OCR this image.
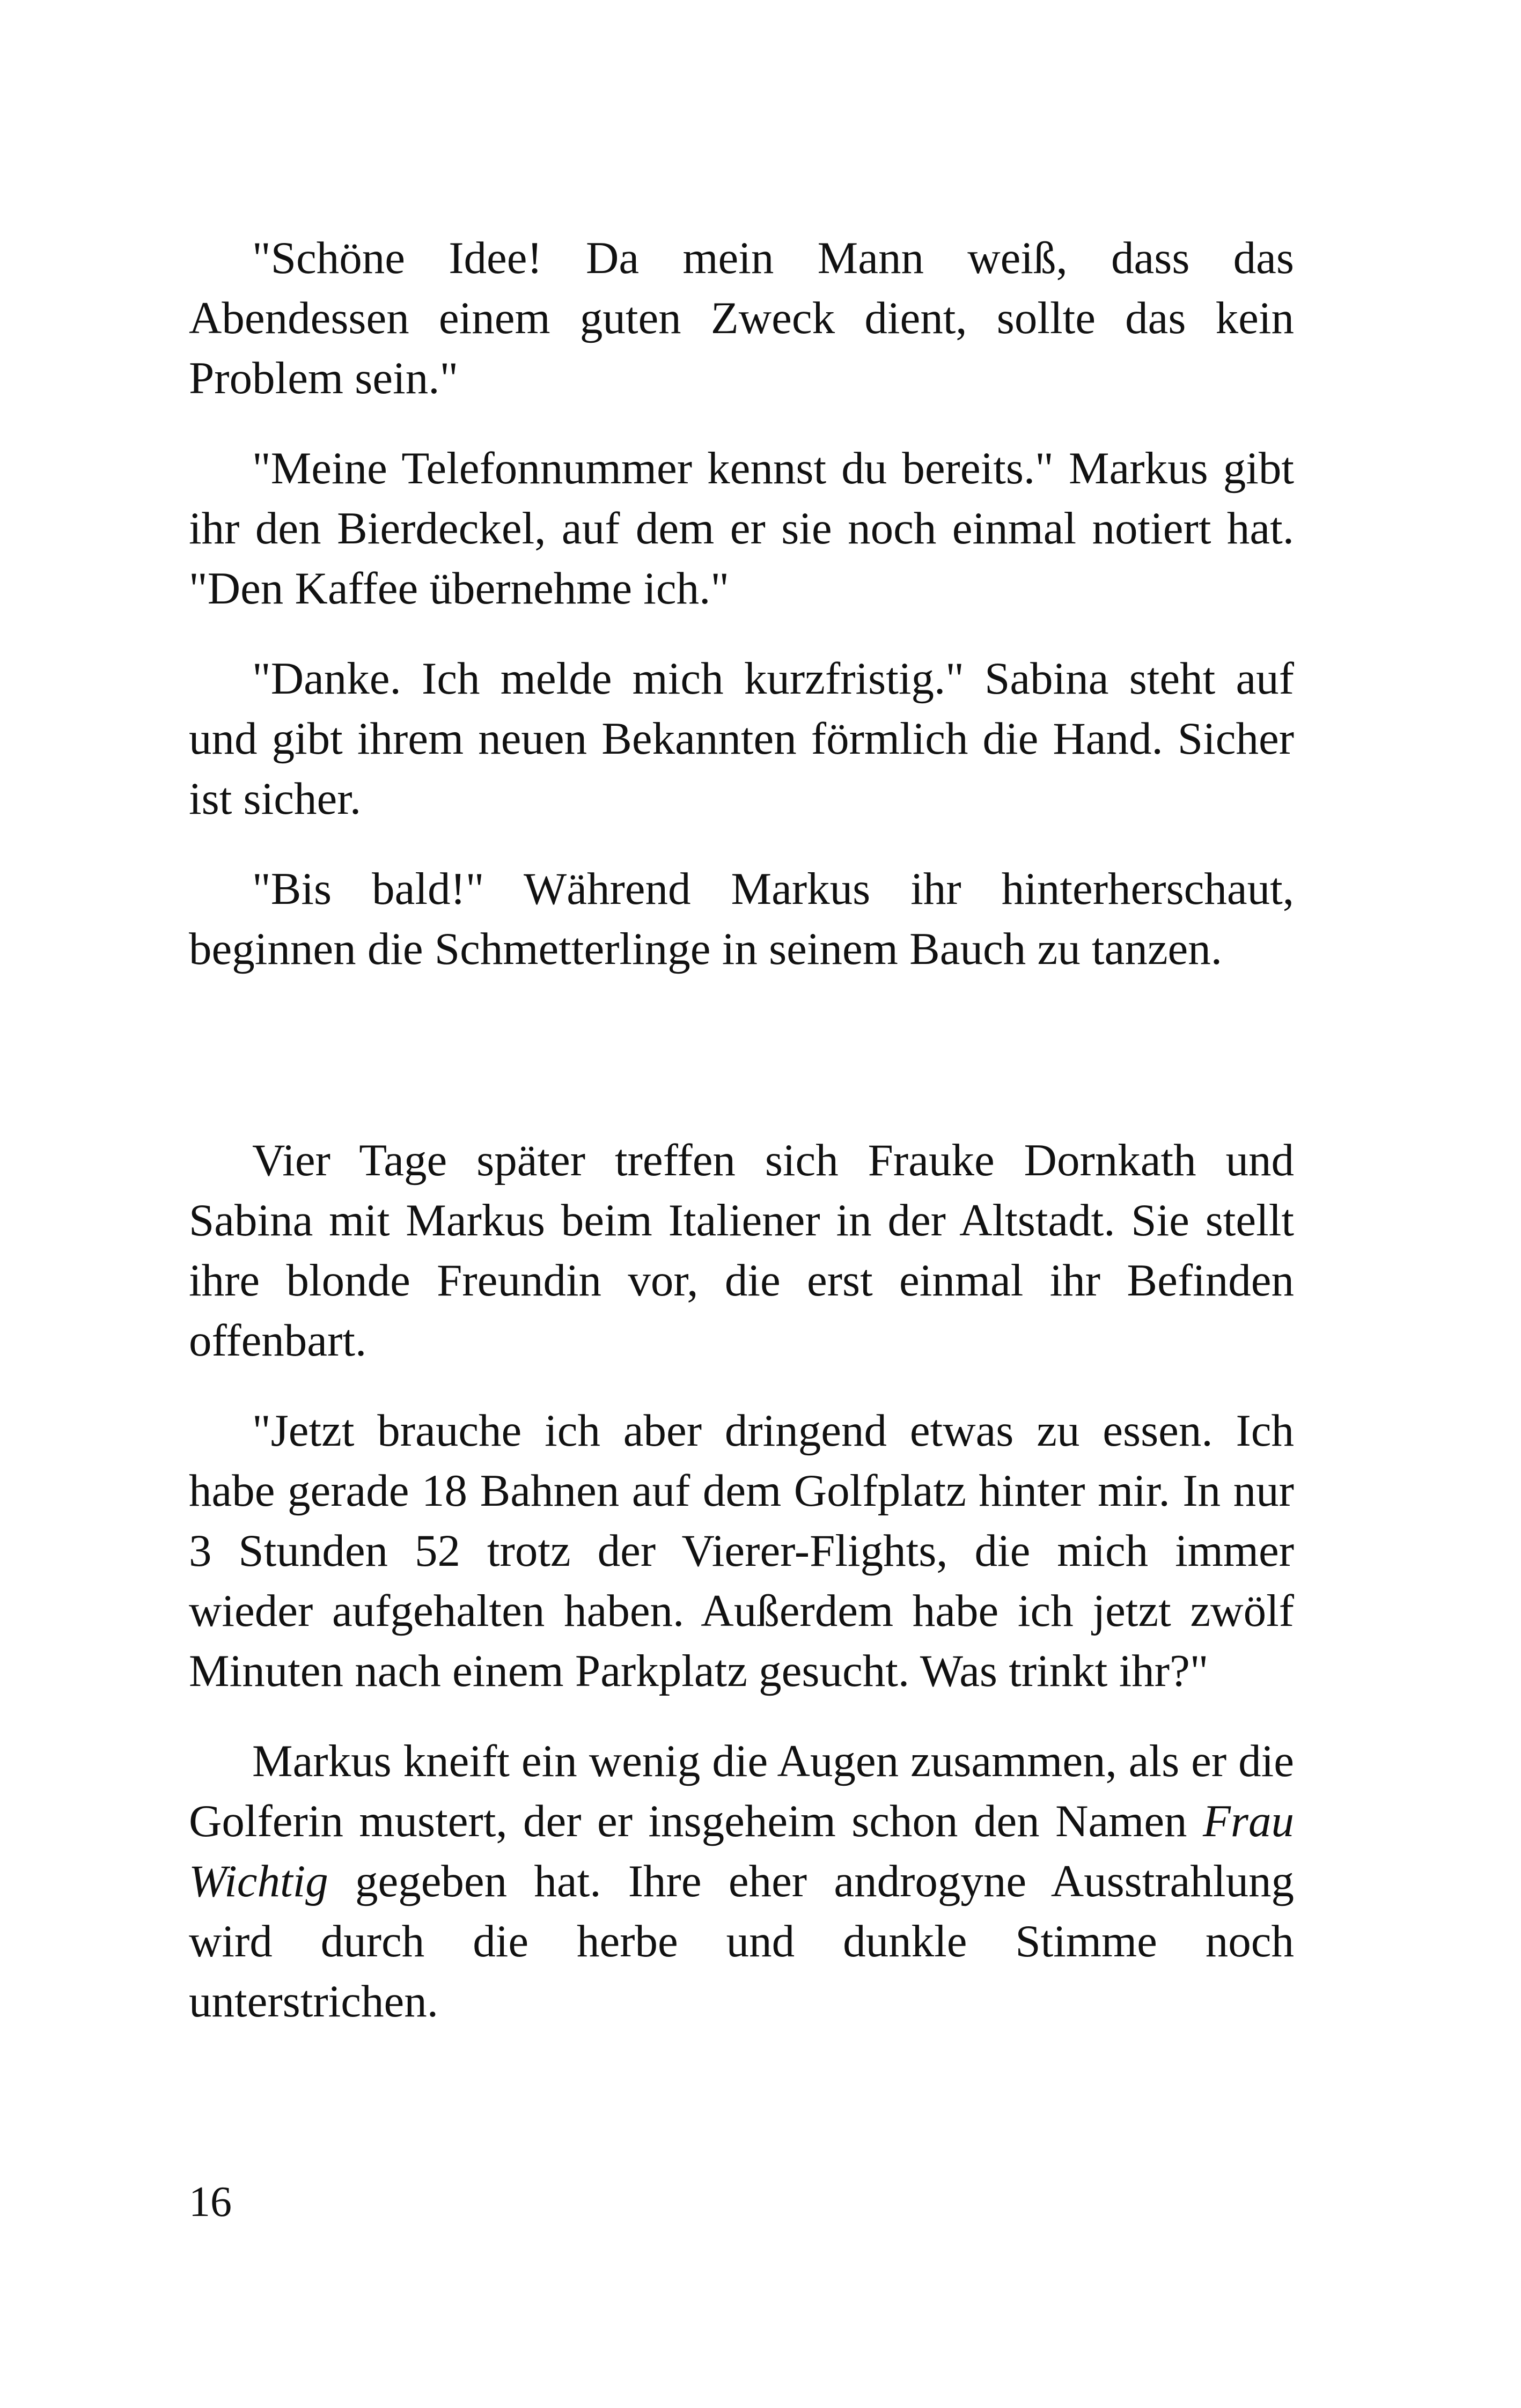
"Schöne Idee! Da mein Mann weiß, dass das Abendessen einem guten Zweck dient, sollte das kein Problem sein."

"Meine Telefonnummer kennst du bereits." Markus gibt ihr den Bierdeckel, auf dem er sie noch einmal notiert hat. "Den Kaffee übernehme ich."

"Danke. Ich melde mich kurzfristig." Sabina steht auf und gibt ihrem neuen Bekannten förmlich die Hand. Sicher ist sicher.

"Bis bald!" Während Markus ihr hinterherschaut, beginnen die Schmetterlinge in seinem Bauch zu tanzen.

Vier Tage später treffen sich Frauke Dornkath und Sabina mit Markus beim Italiener in der Altstadt. Sie stellt ihre blonde Freundin vor, die erst einmal ihr Befinden offenbart.

"Jetzt brauche ich aber dringend etwas zu essen. Ich habe gerade 18 Bahnen auf dem Golfplatz hinter mir. In nur 3 Stunden 52 trotz der Vierer-Flights, die mich immer wieder aufgehalten haben. Außerdem habe ich jetzt zwölf Minuten nach einem Parkplatz gesucht. Was trinkt ihr?"

Markus kneift ein wenig die Augen zusammen, als er die Golferin mustert, der er insgeheim schon den Namen Frau Wichtig gegeben hat. Ihre eher androgyne Ausstrahlung wird durch die herbe und dunkle Stimme noch unterstrichen.

16
